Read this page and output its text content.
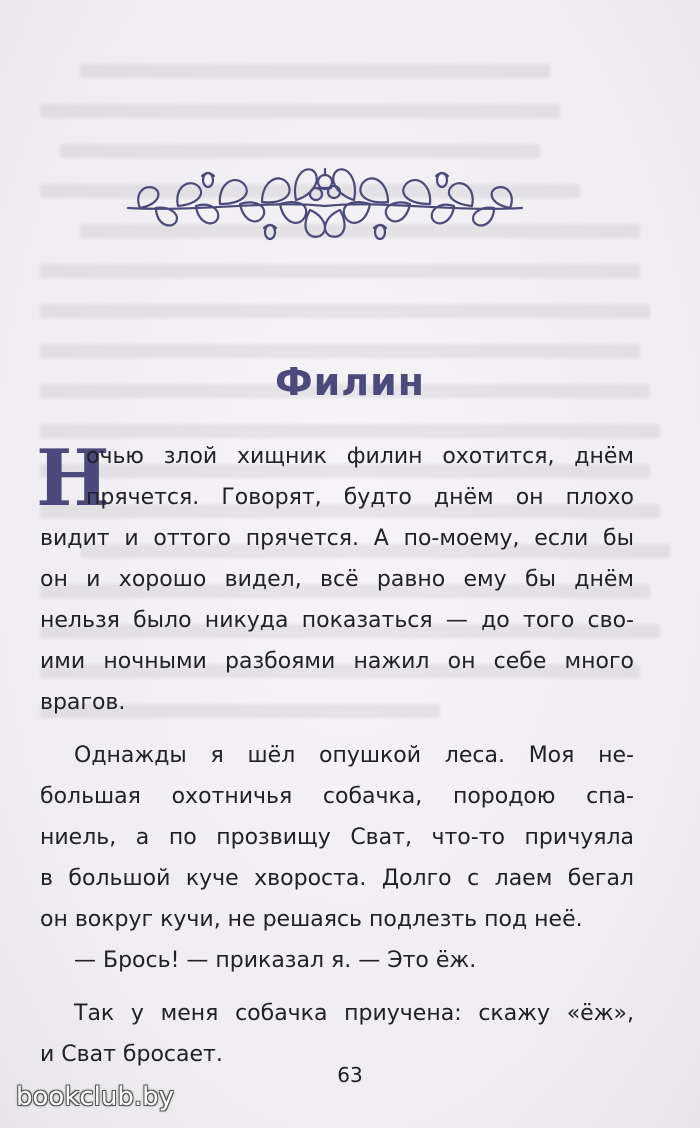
Филин
Н
очью злой хищник филин охотится, днём
прячется. Говорят, будто днём он плохо
видит и оттого прячется. А по-моему, если бы
он и хорошо видел, всё равно ему бы днём
нельзя было никуда показаться — до того сво-
ими ночными разбоями нажил он себе много
врагов.
Однажды я шёл опушкой леса. Моя не-
большая охотничья собачка, породою спа-
ниель, а по прозвищу Сват, что-то причуяла
в большой куче хвороста. Долго с лаем бегал
он вокруг кучи, не решаясь подлезть под неё.
— Брось! — приказал я. — Это ёж.
Так у меня собачка приучена: скажу «ёж»,
и Сват бросает.
63
bookclub.by
